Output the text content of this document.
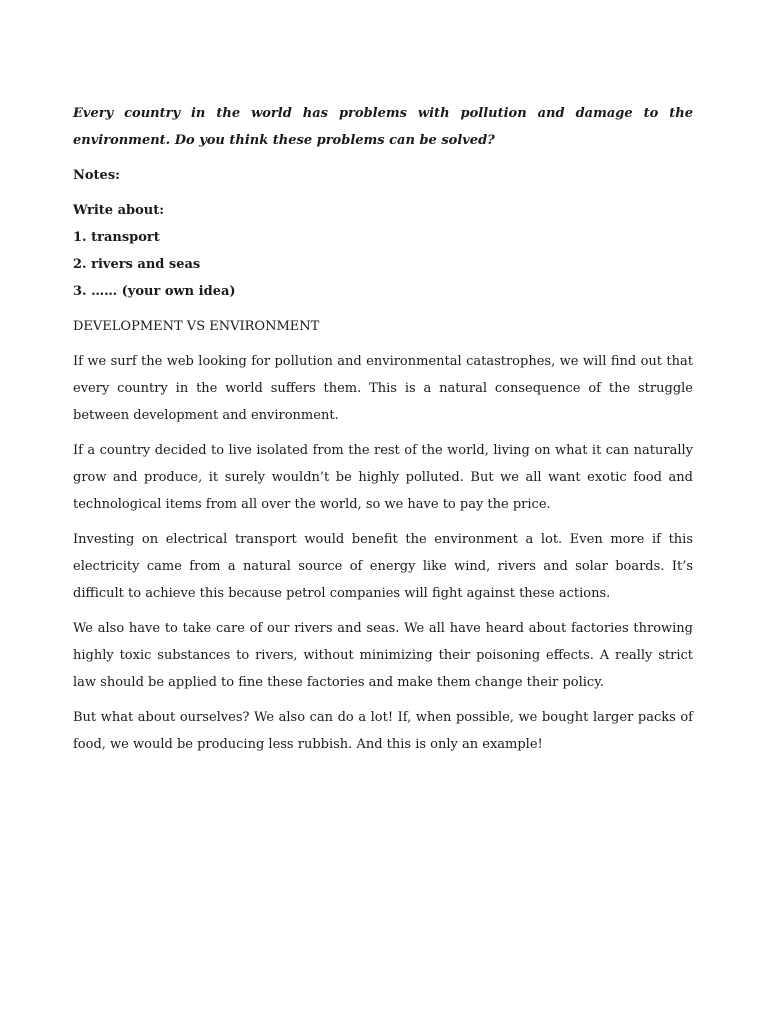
Every country in the world has problems with pollution and damage to the environment. Do you think these problems can be solved?

Notes:

Write about:
1. transport
2. rivers and seas
3. …… (your own idea)
DEVELOPMENT VS ENVIRONMENT

If we surf the web looking for pollution and environmental catastrophes, we will find out that every country in the world suffers them. This is a natural consequence of the struggle between development and environment.

If a country decided to live isolated from the rest of the world, living on what it can naturally grow and produce, it surely wouldn’t be highly polluted. But we all want exotic food and technological items from all over the world, so we have to pay the price.

Investing on electrical transport would benefit the environment a lot. Even more if this electricity came from a natural source of energy like wind, rivers and solar boards. It’s difficult to achieve this because petrol companies will fight against these actions.

We also have to take care of our rivers and seas. We all have heard about factories throwing highly toxic substances to rivers, without minimizing their poisoning effects. A really strict law should be applied to fine these factories and make them change their policy.

But what about ourselves? We also can do a lot! If, when possible, we bought larger packs of food, we would be producing less rubbish. And this is only an example!
